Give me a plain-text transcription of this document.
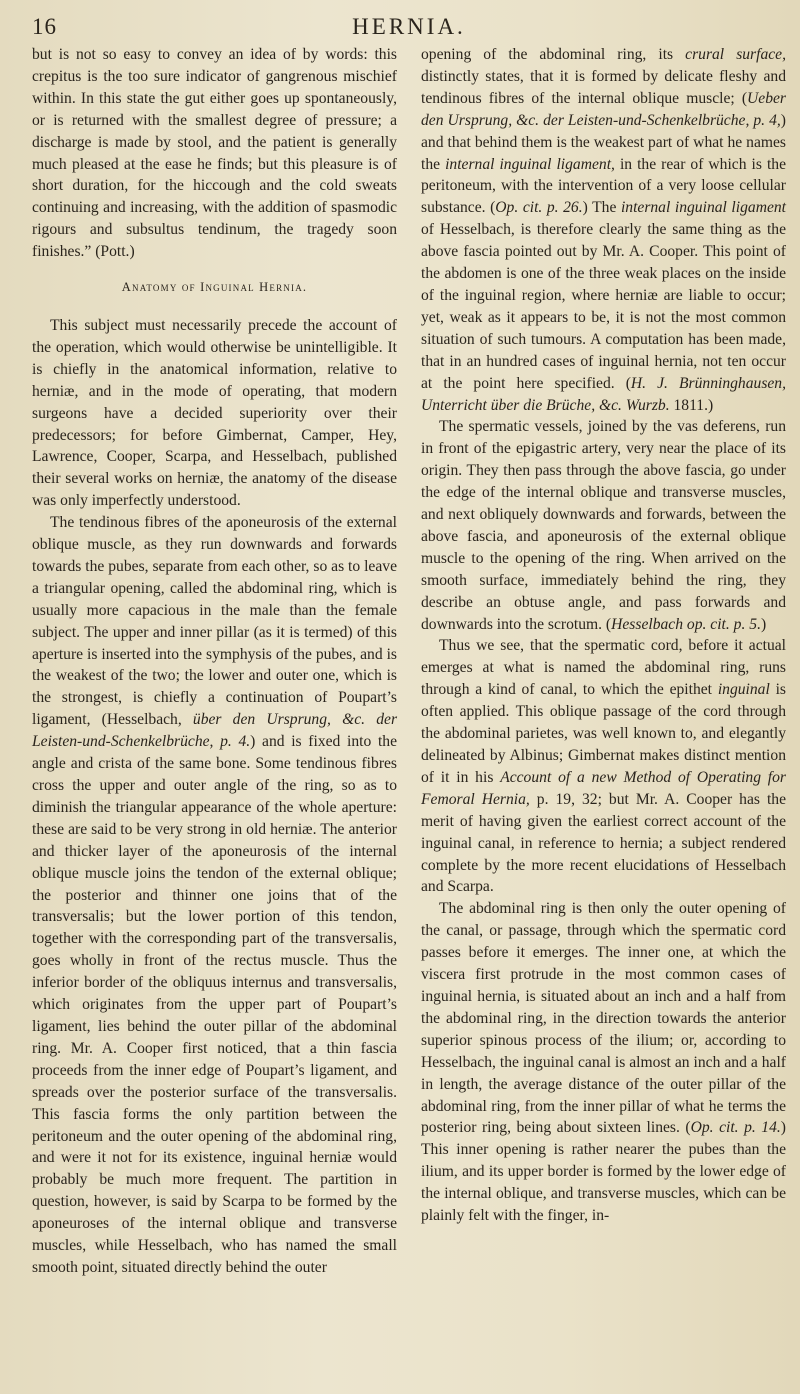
16	HERNIA.

but is not so easy to convey an idea of by words: this crepitus is the too sure indicator of gangrenous mischief within. In this state the gut either goes up spontaneously, or is returned with the smallest degree of pressure; a discharge is made by stool, and the patient is generally much pleased at the ease he finds; but this pleasure is of short duration, for the hiccough and the cold sweats continuing and increasing, with the addition of spasmodic rigours and subsultus tendinum, the tragedy soon finishes.” (Pott.)

Anatomy of Inguinal Hernia.

This subject must necessarily precede the account of the operation, which would otherwise be unintelligible. It is chiefly in the anatomical information, relative to herniæ, and in the mode of operating, that modern surgeons have a decided superiority over their predecessors; for before Gimbernat, Camper, Hey, Lawrence, Cooper, Scarpa, and Hesselbach, published their several works on herniæ, the anatomy of the disease was only imperfectly understood.

The tendinous fibres of the aponeurosis of the external oblique muscle, as they run downwards and forwards towards the pubes, separate from each other, so as to leave a triangular opening, called the abdominal ring, which is usually more capacious in the male than the female subject. The upper and inner pillar (as it is termed) of this aperture is inserted into the symphysis of the pubes, and is the weakest of the two; the lower and outer one, which is the strongest, is chiefly a continuation of Poupart’s ligament, (Hesselbach, über den Ursprung, &c. der Leisten-und-Schenkelbrüche, p. 4.) and is fixed into the angle and crista of the same bone. Some tendinous fibres cross the upper and outer angle of the ring, so as to diminish the triangular appearance of the whole aperture: these are said to be very strong in old herniæ. The anterior and thicker layer of the aponeurosis of the internal oblique muscle joins the tendon of the external oblique; the posterior and thinner one joins that of the transversalis; but the lower portion of this tendon, together with the corresponding part of the transversalis, goes wholly in front of the rectus muscle. Thus the inferior border of the obliquus internus and transversalis, which originates from the upper part of Poupart’s ligament, lies behind the outer pillar of the abdominal ring. Mr. A. Cooper first noticed, that a thin fascia proceeds from the inner edge of Poupart’s ligament, and spreads over the posterior surface of the transversalis. This fascia forms the only partition between the peritoneum and the outer opening of the abdominal ring, and were it not for its existence, inguinal herniæ would probably be much more frequent. The partition in question, however, is said by Scarpa to be formed by the aponeuroses of the internal oblique and transverse muscles, while Hesselbach, who has named the small smooth point, situated directly behind the outer

opening of the abdominal ring, its crural surface, distinctly states, that it is formed by delicate fleshy and tendinous fibres of the internal oblique muscle; (Ueber den Ursprung, &c. der Leisten-und-Schenkelbrüche, p. 4,) and that behind them is the weakest part of what he names the internal inguinal ligament, in the rear of which is the peritoneum, with the intervention of a very loose cellular substance. (Op. cit. p. 26.) The internal inguinal ligament of Hesselbach, is therefore clearly the same thing as the above fascia pointed out by Mr. A. Cooper. This point of the abdomen is one of the three weak places on the inside of the inguinal region, where herniæ are liable to occur; yet, weak as it appears to be, it is not the most common situation of such tumours. A computation has been made, that in an hundred cases of inguinal hernia, not ten occur at the point here specified. (H. J. Brünninghausen, Unterricht über die Brüche, &c. Wurzb. 1811.)

The spermatic vessels, joined by the vas deferens, run in front of the epigastric artery, very near the place of its origin. They then pass through the above fascia, go under the edge of the internal oblique and transverse muscles, and next obliquely downwards and forwards, between the above fascia, and aponeurosis of the external oblique muscle to the opening of the ring. When arrived on the smooth surface, immediately behind the ring, they describe an obtuse angle, and pass forwards and downwards into the scrotum. (Hesselbach op. cit. p. 5.)

Thus we see, that the spermatic cord, before it actual emerges at what is named the abdominal ring, runs through a kind of canal, to which the epithet inguinal is often applied. This oblique passage of the cord through the abdominal parietes, was well known to, and elegantly delineated by Albinus; Gimbernat makes distinct mention of it in his Account of a new Method of Operating for Femoral Hernia, p. 19, 32; but Mr. A. Cooper has the merit of having given the earliest correct account of the inguinal canal, in reference to hernia; a subject rendered complete by the more recent elucidations of Hesselbach and Scarpa.

The abdominal ring is then only the outer opening of the canal, or passage, through which the spermatic cord passes before it emerges. The inner one, at which the viscera first protrude in the most common cases of inguinal hernia, is situated about an inch and a half from the abdominal ring, in the direction towards the anterior superior spinous process of the ilium; or, according to Hesselbach, the inguinal canal is almost an inch and a half in length, the average distance of the outer pillar of the abdominal ring, from the inner pillar of what he terms the posterior ring, being about sixteen lines. (Op. cit. p. 14.) This inner opening is rather nearer the pubes than the ilium, and its upper border is formed by the lower edge of the internal oblique, and transverse muscles, which can be plainly felt with the finger, in-
